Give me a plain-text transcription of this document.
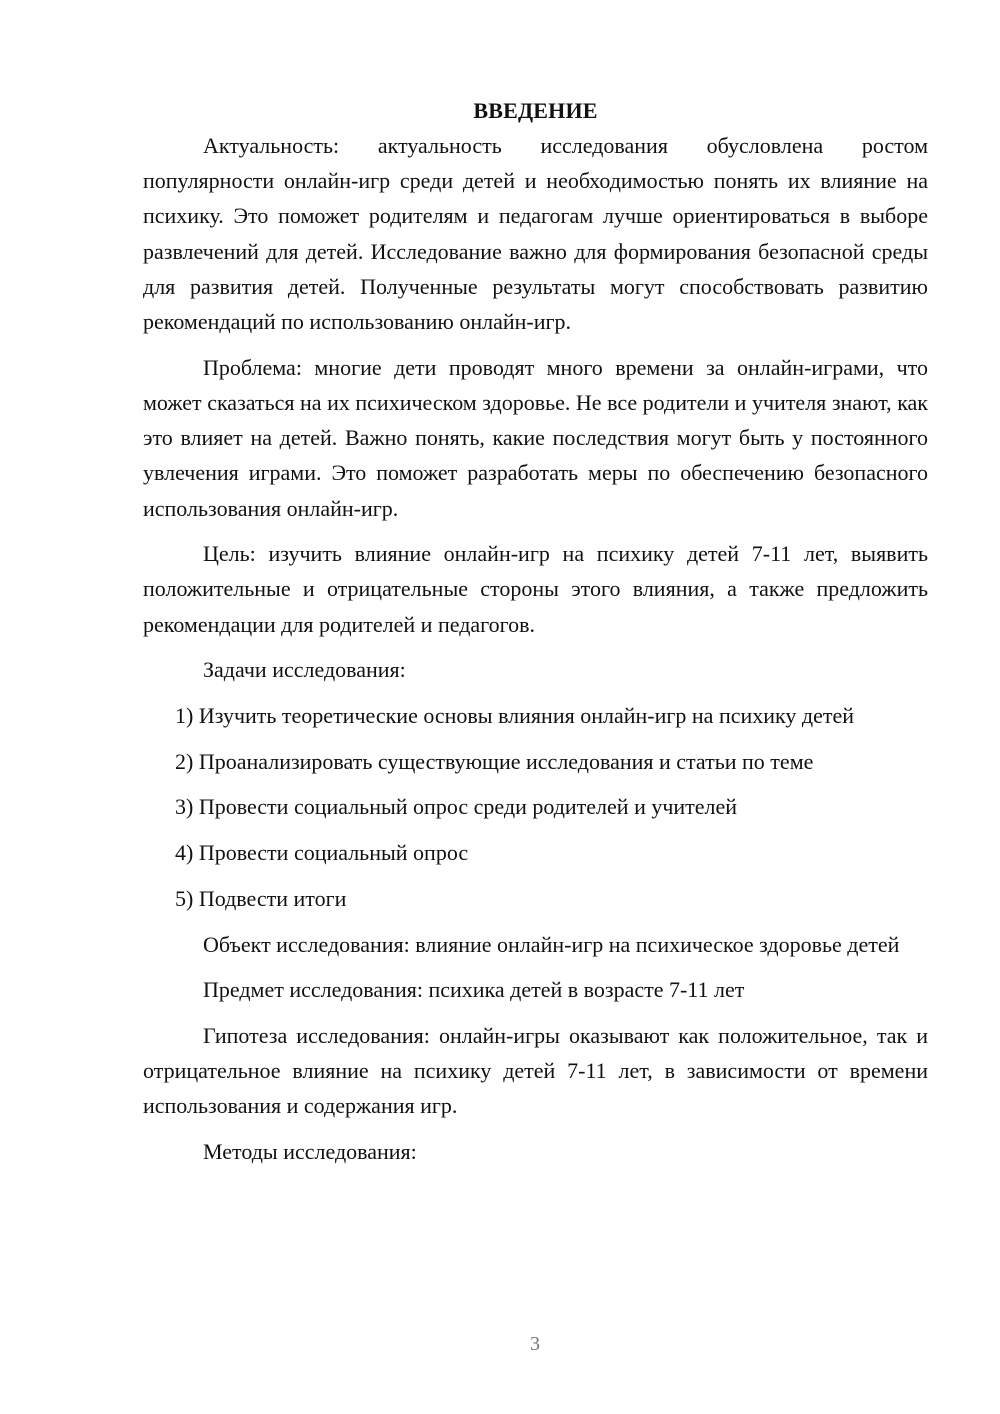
ВВЕДЕНИЕ

Актуальность: актуальность исследования обусловлена ростом популярности онлайн-игр среди детей и необходимостью понять их влияние на психику. Это поможет родителям и педагогам лучше ориентироваться в выборе развлечений для детей. Исследование важно для формирования безопасной среды для развития детей. Полученные результаты могут способствовать развитию рекомендаций по использованию онлайн-игр.

Проблема: многие дети проводят много времени за онлайн-играми, что может сказаться на их психическом здоровье. Не все родители и учителя знают, как это влияет на детей. Важно понять, какие последствия могут быть у постоянного увлечения играми. Это поможет разработать меры по обеспечению безопасного использования онлайн-игр.

Цель: изучить влияние онлайн-игр на психику детей 7-11 лет, выявить положительные и отрицательные стороны этого влияния, а также предложить рекомендации для родителей и педагогов.

Задачи исследования:

1) Изучить теоретические основы влияния онлайн-игр на психику детей

2) Проанализировать существующие исследования и статьи по теме

3) Провести социальный опрос среди родителей и учителей

4) Провести социальный опрос

5) Подвести итоги

Объект исследования: влияние онлайн-игр на психическое здоровье детей

Предмет исследования: психика детей в возрасте 7-11 лет

Гипотеза исследования: онлайн-игры оказывают как положительное, так и отрицательное влияние на психику детей 7-11 лет, в зависимости от времени использования и содержания игр.

Методы исследования:

3
